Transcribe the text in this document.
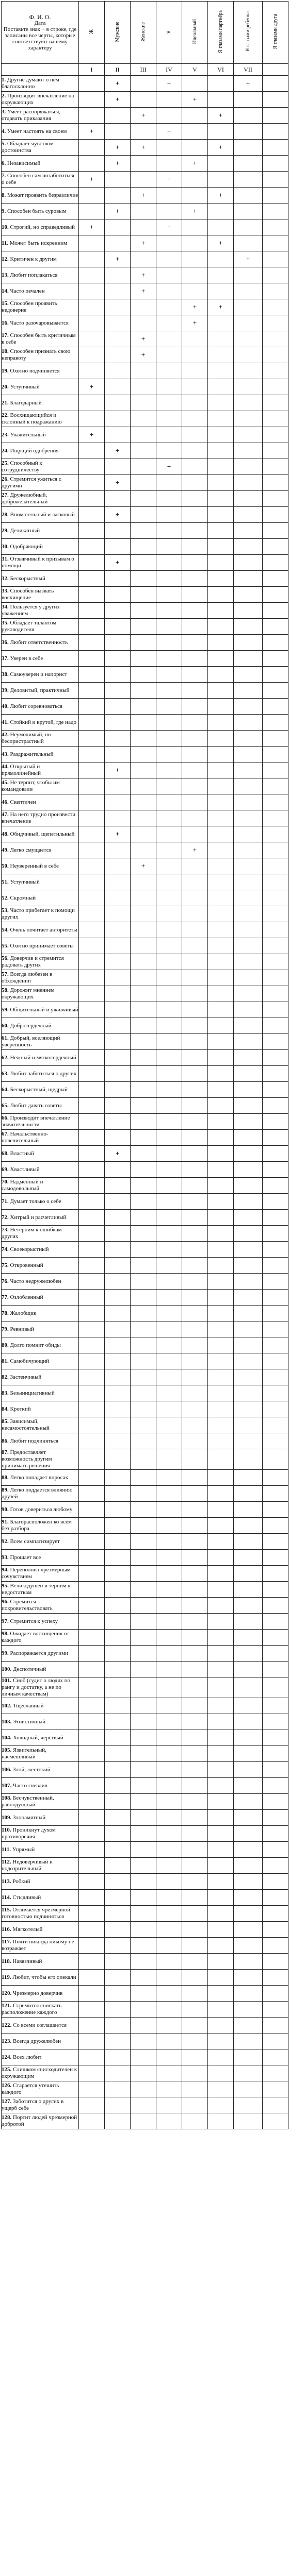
Ф. И. О.
Дата
Поставьте знак + в строке, где записаны все черты, которые соответствуют вашему характеру	Ж	Мужские	Женские	Я	Идеальный	Я глазами партнёра	Я глазами ребенка	Я глазами друга
	I	II	III	IV	V	VI	VII	
1. Другие думают о нем благосклонно		+		+			+	
2. Производит впечатление на окружающих		+			+			
3. Умеет распоряжаться, отдавать приказания			+			+		
4. Умеет настоять на своем	+			+				
5. Обладает чувством достоинства		+	+			+		
6. Независимый		+			+			
7. Способен сам позаботиться о себе	+			+				
8. Может проявить безразличие			+			+		
9. Способен быть суровым		+			+			
10. Строгий, но справедливый	+			+				
11. Может быть искренним			+			+		
12. Критичен к другим		+					+	
13. Любит поплакаться			+					
14. Часто печален			+					
15. Способен проявить недоверие					+	+		
16. Часто разочаровывается					+			
17. Способен быть критичным к себе			+					
18. Способен признать свою неправоту			+					
19. Охотно подчиняется								
20. Уступчивый	+							
21. Благодарный								
22. Восхищающийся и склонный к подражанию								
23. Уважительный	+							
24. Ищущий одобрения		+						
25. Способный к сотрудничеству				+				
26. Стремится ужиться с другими		+						
27. Дружелюбный, доброжелательный								
28. Внимательный и ласковый		+						
29. Деликатный								
30. Одобряющий								
31. Отзывчивый к призывам о помощи		+						
32. Бескорыстный								
33. Способен вызвать восхищение								
34. Пользуется у других уважением								
35. Обладает талантом руководителя								
36. Любит ответственность								
37. Уверен в себе								
38. Самоуверен и напорист								
39. Деловитый, практичный								
40. Любит соревноваться								
41. Стойкий и крутой, где надо								
42. Неумолимый, но беспристрастный								
43. Раздражительный								
44. Открытый и прямолинейный		+						
45. Не терпит, чтобы им командовали								
46. Скептичен								
47. На него трудно произвести впечатление								
48. Обидчивый, щепетильный		+						
49. Легко смущается					+			
50. Неуверенный в себе			+					
51. Уступчивый								
52. Скромный								
53. Часто прибегает к помощи других								
54. Очень почитает авторитеты								
55. Охотно принимает советы								
56. Доверчив и стремится радовать других								
57. Всегда любезен в обхождении								
58. Дорожит мнением окружающих								
59. Общительный и уживчивый								
60. Добросердечный								
61. Добрый, вселяющий уверенность								
62. Нежный и мягкосердечный								
63. Любит заботиться о других								
64. Бескорыстный, щедрый								
65. Любит давать советы								
66. Производит впечатление значительности								
67. Начальственно-повелительный								
68. Властный		+						
69. Хвастливый								
70. Надменный и самодовольный								
71. Думает только о себе								
72. Хитрый и расчетливый								
73. Нетерпим к ошибкам других								
74. Своекорыстный								
75. Откровенный								
76. Часто недружелюбен								
77. Озлобленный								
78. Жалобщик								
79. Ревнивый								
80. Долго помнит обиды								
81. Самобичующий								
82. Застенчивый								
83. Безынициативный								
84. Кроткий								
85. Зависимый, несамостоятельный								
86. Любит подчиняться								
87. Предоставляет возможность другим принимать решения								
88. Легко попадает впросак								
89. Легко поддается влиянию друзей								
90. Готов довериться любому								
91. Благорасположен ко всем без разбора								
92. Всем симпатизирует								
93. Прощает все								
94. Переполнен чрезмерным сочувствием								
95. Великодушен и терпим к недостаткам								
96. Стремится покровительствовать								
97. Стремится к успеху								
98. Ожидает восхищения от каждого								
99. Распоряжается другими								
100. Деспотичный								
101. Сноб (судит о людях по рангу и достатку, а не по личным качествам)								
102. Тщеславный								
103. Эгоистичный								
104. Холодный, черствый								
105. Язвительный, насмешливый								
106. Злой, жестокий								
107. Часто гневлив								
108. Бесчувственный, равнодушный								
109. Злопамятный								
110. Проникнут духом противоречия								
111. Упрямый								
112. Недоверчивый и подозрительный								
113. Робкий								
114. Стыдливый								
115. Отличается чрезмерной готовностью подчиняться								
116. Мягкотелый								
117. Почти никогда никому не возражает								
118. Навязчивый								
119. Любит, чтобы его опекали								
120. Чрезмерно доверчив								
121. Стремится снискать расположение каждого								
122. Со всеми соглашается								
123. Всегда дружелюбен								
124. Всех любит								
125. Слишком снисходителен к окружающим								
126. Старается утешить каждого								
127. Заботится о других в ущерб себе								
128. Портит людей чрезмерной добротой								
